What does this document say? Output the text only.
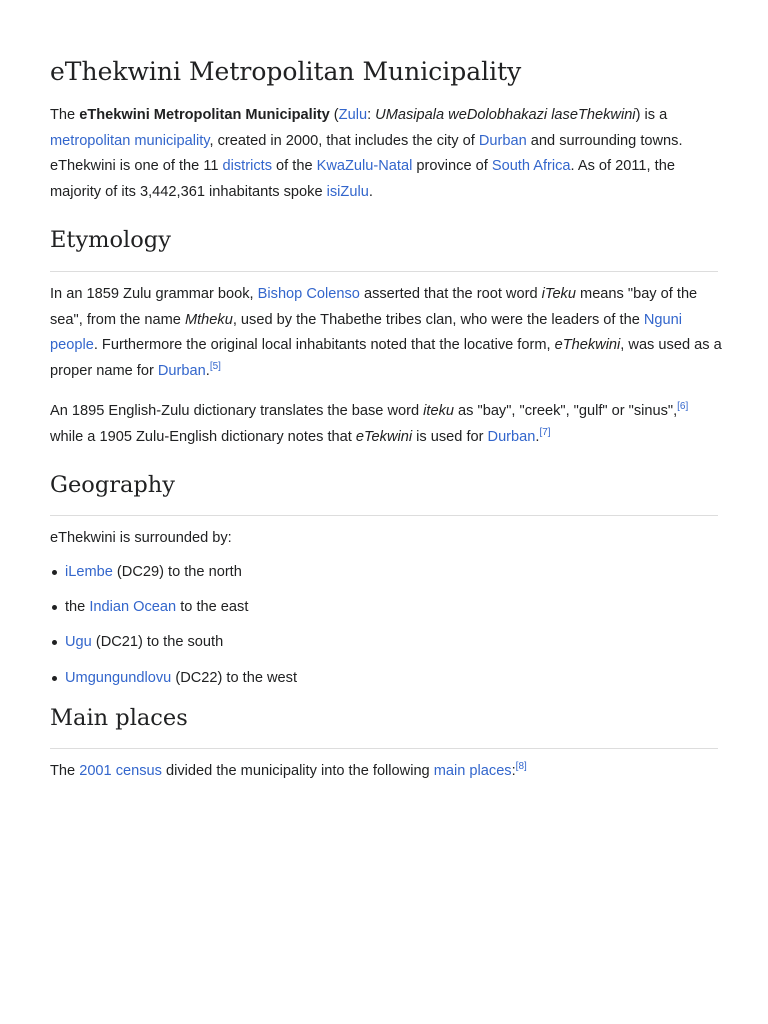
eThekwini Metropolitan Municipality

The eThekwini Metropolitan Municipality (Zulu: UMasipala weDolobhakazi laseThekwini) is a
metropolitan municipality, created in 2000, that includes the city of Durban and surrounding towns. eThekwini is one of the 11 districts of the KwaZulu-Natal province of South Africa. As of 2011, the majority of its 3,442,361 inhabitants spoke isiZulu.

Etymology

In an 1859 Zulu grammar book, Bishop Colenso asserted that the root word iTeku means "bay of the sea", from the name Mtheku, used by the Thabethe tribes clan, who were the leaders of the Nguni people. Furthermore the original local inhabitants noted that the locative form, eThekwini, was used as a proper name for Durban.[5]

An 1895 English-Zulu dictionary translates the base word iteku as "bay", "creek", "gulf" or "sinus",[6]
while a 1905 Zulu-English dictionary notes that eTekwini is used for Durban.[7]

Geography

eThekwini is surrounded by:

iLembe (DC29) to the north
the Indian Ocean to the east
Ugu (DC21) to the south
Umgungundlovu (DC22) to the west
Main places

The 2001 census divided the municipality into the following main places:[8]
